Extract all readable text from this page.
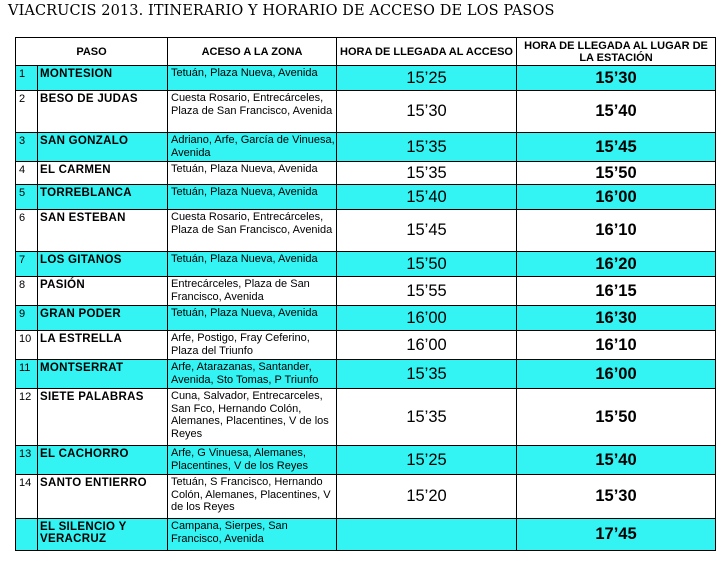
VIACRUCIS 2013. ITINERARIO Y HORARIO DE ACCESO DE LOS PASOS
PASO		ACESO A LA ZONA	HORA DE LLEGADA AL ACCESO	HORA DE LLEGADA AL LUGAR DE LA ESTACIÓN
1	MONTESION	Tetuán, Plaza Nueva, Avenida	15’25	15’30
2	BESO DE JUDAS	Cuesta Rosario, Entrecárceles, Plaza de San Francisco, Avenida	15’30	15’40
3	SAN GONZALO	Adriano, Arfe, García de Vinuesa, Avenida	15’35	15’45
4	EL CARMEN	Tetuán, Plaza Nueva, Avenida	15’35	15’50
5	TORREBLANCA	Tetuán, Plaza Nueva, Avenida	15’40	16’00
6	SAN ESTEBAN	Cuesta Rosario, Entrecárceles, Plaza de San Francisco, Avenida	15’45	16’10
7	LOS GITANOS	Tetuán, Plaza Nueva, Avenida	15’50	16’20
8	PASIÓN	Entrecárceles, Plaza de San Francisco, Avenida	15’55	16’15
9	GRAN PODER	Tetuán, Plaza Nueva, Avenida	16’00	16’30
10	LA ESTRELLA	Arfe, Postigo, Fray Ceferino, Plaza del Triunfo	16’00	16’10
11	MONTSERRAT	Arfe, Atarazanas, Santander, Avenida, Sto Tomas, P Triunfo	15’35	16’00
12	SIETE PALABRAS	Cuna, Salvador, Entrecarceles, San Fco, Hernando Colón, Alemanes, Placentines, V de los Reyes	15’35	15’50
13	EL CACHORRO	Arfe, G Vinuesa, Alemanes, Placentines, V de los Reyes	15’25	15’40
14	SANTO ENTIERRO	Tetuán, S Francisco, Hernando Colón, Alemanes, Placentines, V de los Reyes	15’20	15’30
	EL SILENCIO Y VERACRUZ	Campana, Sierpes, San Francisco, Avenida		17’45
